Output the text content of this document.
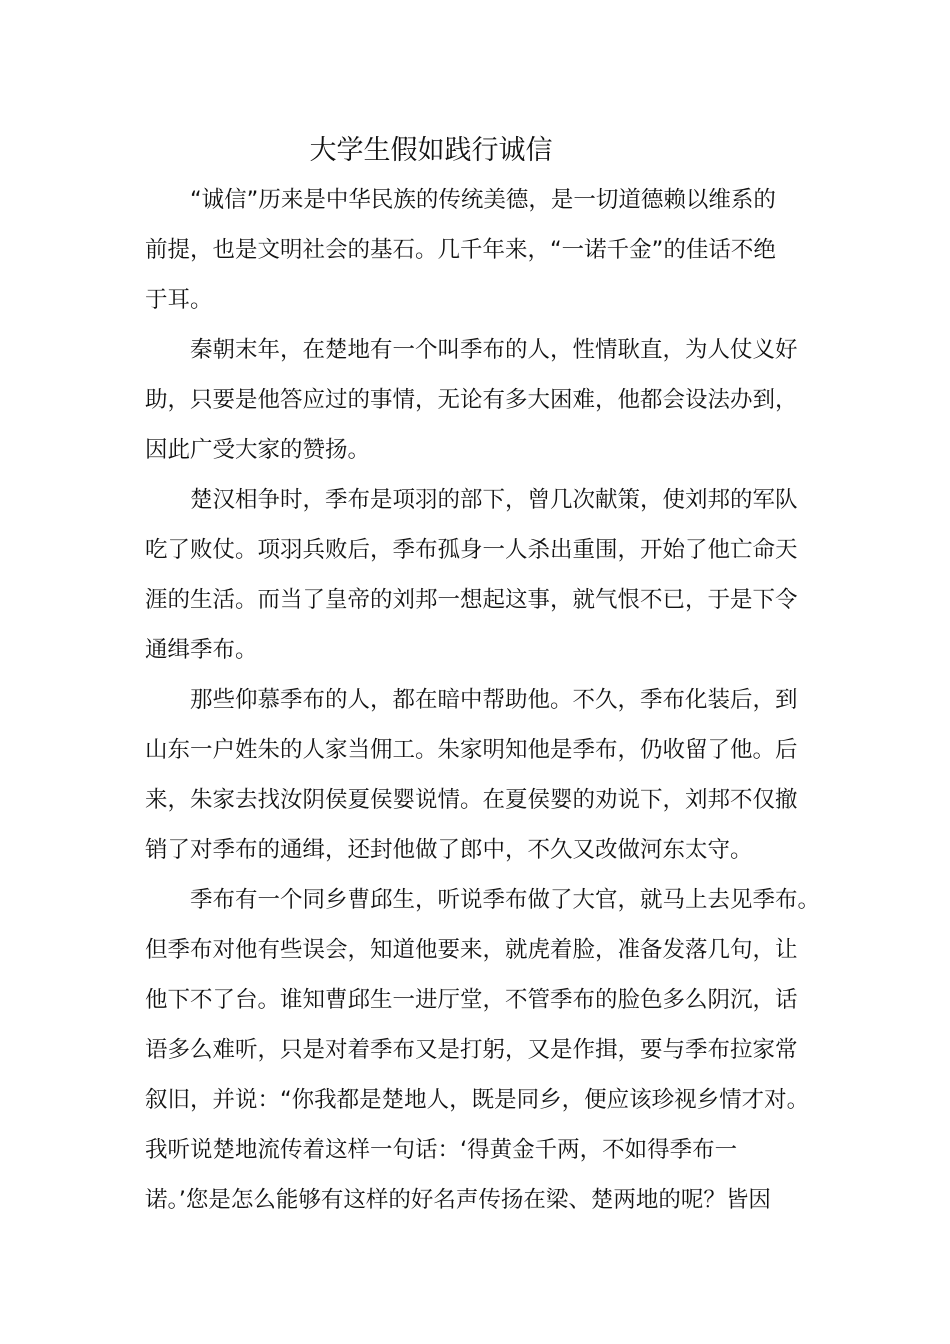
大学生假如践行诚信
“诚信”历来是中华民族的传统美德，是一切道德赖以维系的
前提，也是文明社会的基石。几千年来，“一诺千金”的佳话不绝
于耳。
秦朝末年，在楚地有一个叫季布的人，性情耿直，为人仗义好
助，只要是他答应过的事情，无论有多大困难，他都会设法办到，
因此广受大家的赞扬。
楚汉相争时，季布是项羽的部下，曾几次献策，使刘邦的军队
吃了败仗。项羽兵败后，季布孤身一人杀出重围，开始了他亡命天
涯的生活。而当了皇帝的刘邦一想起这事，就气恨不已，于是下令
通缉季布。
那些仰慕季布的人，都在暗中帮助他。不久，季布化装后，到
山东一户姓朱的人家当佣工。朱家明知他是季布，仍收留了他。后
来，朱家去找汝阴侯夏侯婴说情。在夏侯婴的劝说下，刘邦不仅撤
销了对季布的通缉，还封他做了郎中，不久又改做河东太守。
季布有一个同乡曹邱生，听说季布做了大官，就马上去见季布。
但季布对他有些误会，知道他要来，就虎着脸，准备发落几句，让
他下不了台。谁知曹邱生一进厅堂，不管季布的脸色多么阴沉，话
语多么难听，只是对着季布又是打躬，又是作揖，要与季布拉家常
叙旧，并说：“你我都是楚地人，既是同乡，便应该珍视乡情才对。
我听说楚地流传着这样一句话：‘得黄金千两，不如得季布一
诺。’您是怎么能够有这样的好名声传扬在梁、楚两地的呢？皆因
